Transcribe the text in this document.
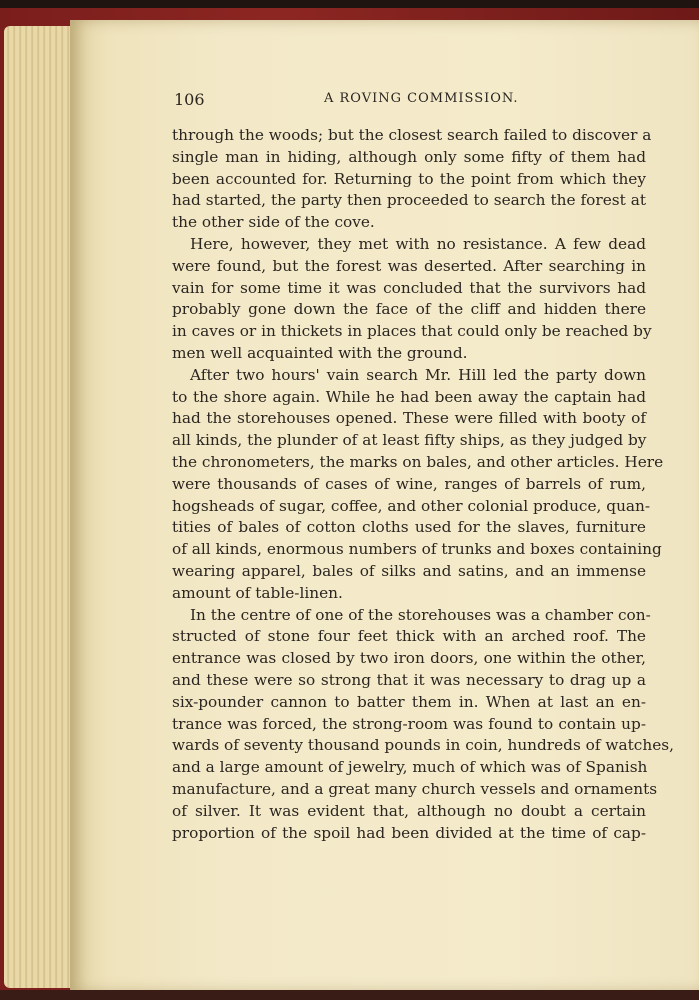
106	A ROVING COMMISSION.
through the woods; but the closest search failed to discover a
single man in hiding, although only some fifty of them had
been accounted for. Returning to the point from which they
had started, the party then proceeded to search the forest at
the other side of the cove.
Here, however, they met with no resistance. A few dead
were found, but the forest was deserted. After searching in
vain for some time it was concluded that the survivors had
probably gone down the face of the cliff and hidden there
in caves or in thickets in places that could only be reached by
men well acquainted with the ground.
After two hours' vain search Mr. Hill led the party down
to the shore again. While he had been away the captain had
had the storehouses opened. These were filled with booty of
all kinds, the plunder of at least fifty ships, as they judged by
the chronometers, the marks on bales, and other articles. Here
were thousands of cases of wine, ranges of barrels of rum,
hogsheads of sugar, coffee, and other colonial produce, quan-
tities of bales of cotton cloths used for the slaves, furniture
of all kinds, enormous numbers of trunks and boxes containing
wearing apparel, bales of silks and satins, and an immense
amount of table-linen.
In the centre of one of the storehouses was a chamber con-
structed of stone four feet thick with an arched roof. The
entrance was closed by two iron doors, one within the other,
and these were so strong that it was necessary to drag up a
six-pounder cannon to batter them in. When at last an en-
trance was forced, the strong-room was found to contain up-
wards of seventy thousand pounds in coin, hundreds of watches,
and a large amount of jewelry, much of which was of Spanish
manufacture, and a great many church vessels and ornaments
of silver. It was evident that, although no doubt a certain
proportion of the spoil had been divided at the time of cap-
